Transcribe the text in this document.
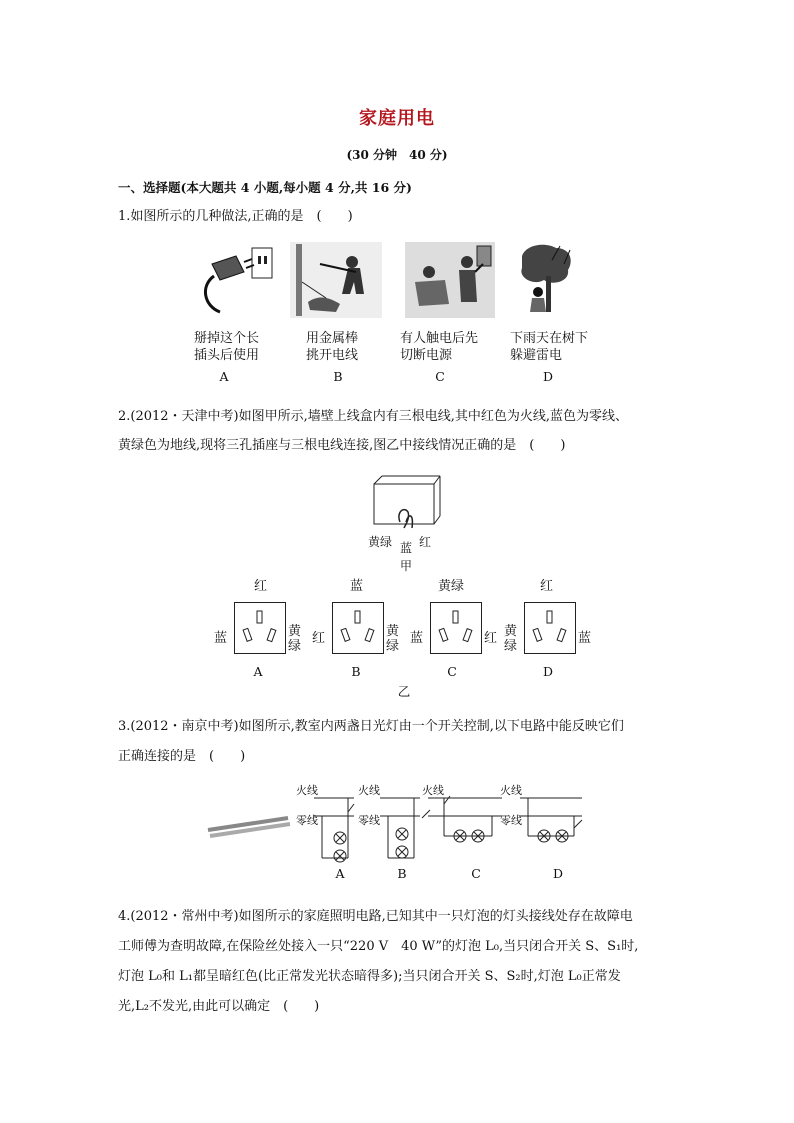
家庭用电
(30 分钟　40 分)
一、选择题(本大题共 4 小题,每小题 4 分,共 16 分)
1.如图所示的几种做法,正确的是　(　　)
掰掉这个长
插头后使用
用金属棒
挑开电线
有人触电后先
切断电源
下雨天在树下
躲避雷电
A	B	C	D
2.(2012・天津中考)如图甲所示,墙壁上线盒内有三根电线,其中红色为火线,蓝色为零线、
黄绿色为地线,现将三孔插座与三根电线连接,图乙中接线情况正确的是　(　　)
黄绿 蓝 红
甲
红
蓝	黄
绿
蓝
红	黄
绿
黄绿
蓝	红
红
黄
绿
蓝
A	B	C	D
乙
3.(2012・南京中考)如图所示,教室内两盏日光灯由一个开关控制,以下电路中能反映它们
正确连接的是　(　　)
火线
零线
火线
零线
火线	火线
零线
A	B	C	D
4.(2012・常州中考)如图所示的家庭照明电路,已知其中一只灯泡的灯头接线处存在故障电
工师傅为查明故障,在保险丝处接入一只“220 V　40 W”的灯泡 L₀,当只闭合开关 S、S₁时,
灯泡 L₀和 L₁都呈暗红色(比正常发光状态暗得多);当只闭合开关 S、S₂时,灯泡 L₀正常发
光,L₂不发光,由此可以确定　(　　)
